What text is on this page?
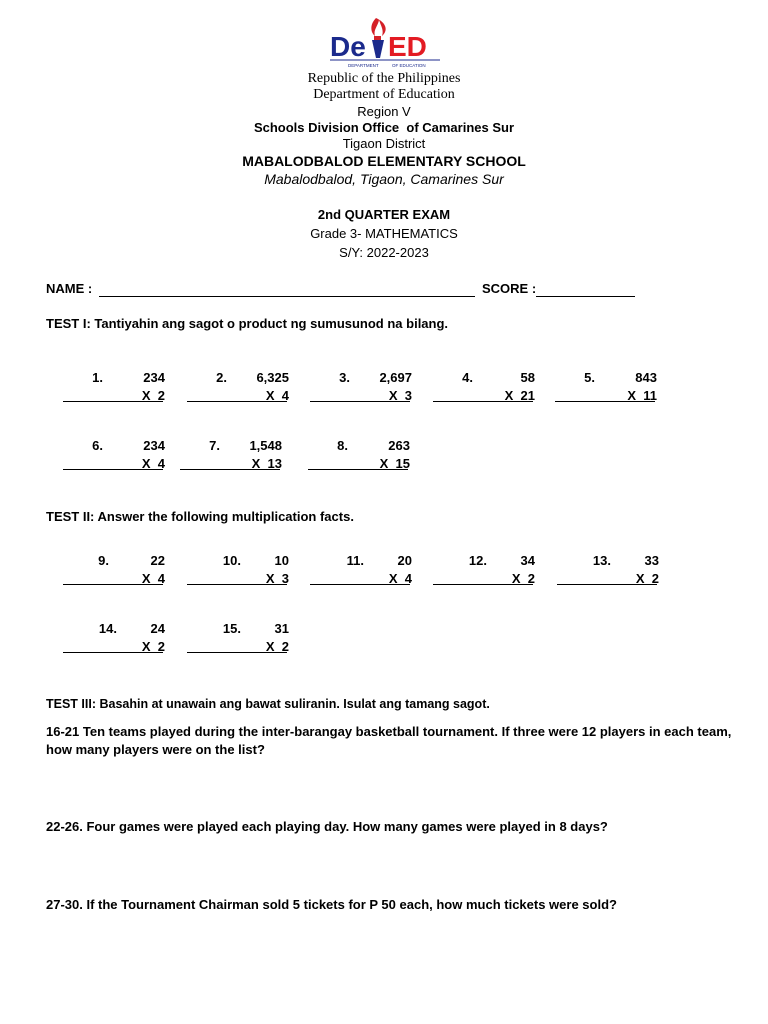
De ED
DEPARTMENT	OF EDUCATION
Republic of the Philippines
Department of Education
Region V
Schools Division Office  of Camarines Sur
Tigaon District
MABALODBALOD ELEMENTARY SCHOOL
Mabalodbalod, Tigaon, Camarines Sur
2nd QUARTER EXAM
Grade 3- MATHEMATICS
S/Y: 2022-2023
NAME :	SCORE :
TEST I: Tantiyahin ang sagot o product ng sumusunod na bilang.
1.	234
X  2
2.	6,325
X  4
3.	2,697
X  3
4.	58
X  21
5.	843
X  11
6.	234
X  4
7.	1,548
X  13
8.	263
X  15
TEST II: Answer the following multiplication facts.
9.	22
X  4
10.	10
X  3
11.	20
X  4
12.	34
X  2
13.	33
X  2
14.	24
X  2
15.	31
X  2
TEST III: Basahin at unawain ang bawat suliranin. Isulat ang tamang sagot.
16-21 Ten teams played during the inter-barangay basketball tournament. If three were 12 players in each team,
how many players were on the list?
22-26. Four games were played each playing day. How many games were played in 8 days?
27-30. If the Tournament Chairman sold 5 tickets for P 50 each, how much tickets were sold?
